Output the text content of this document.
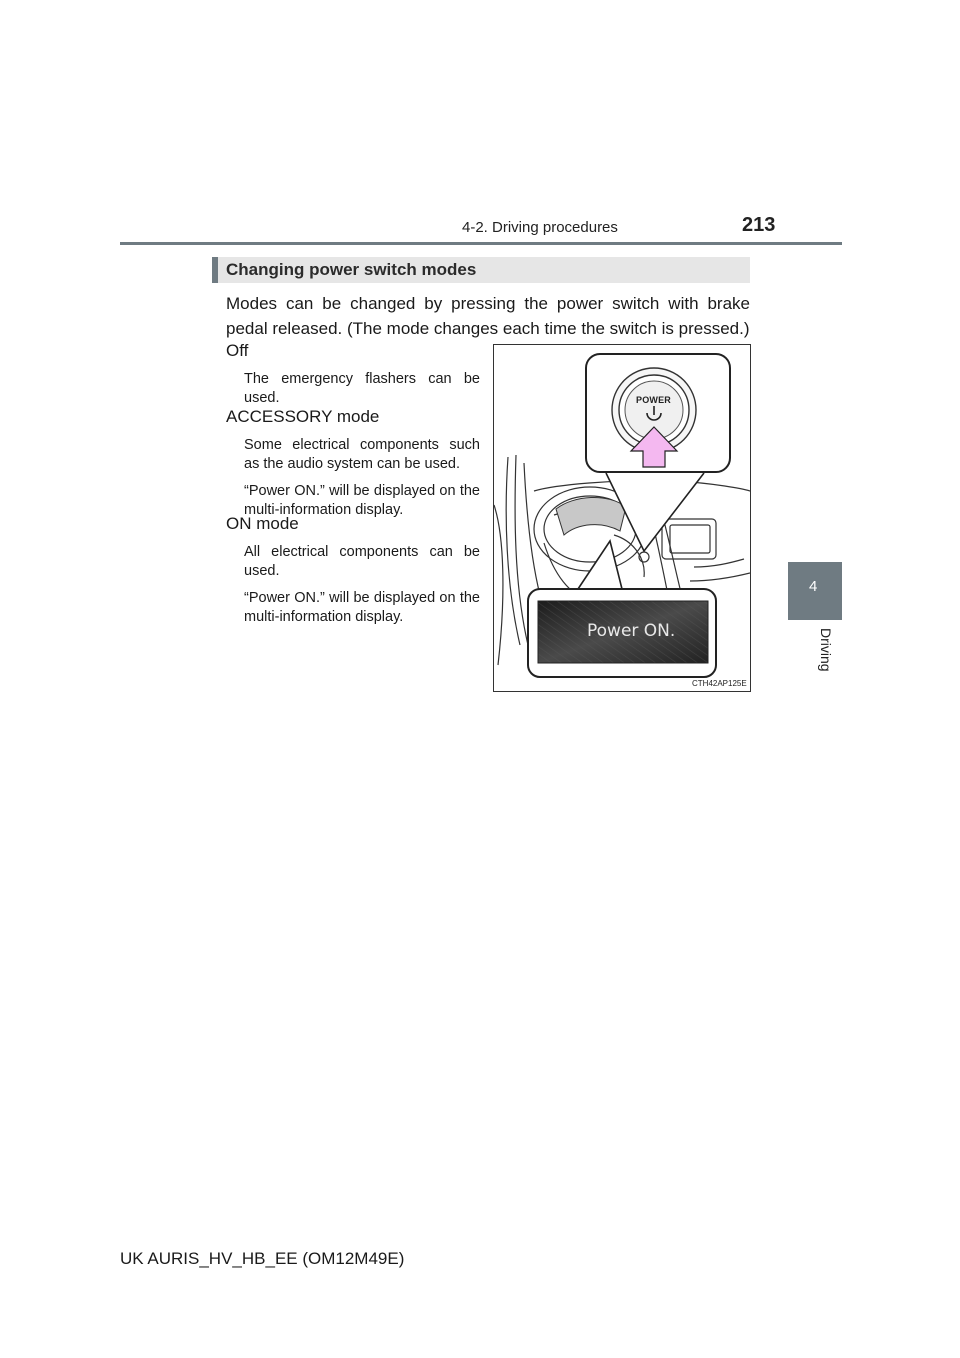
4-2. Driving procedures	213
4
Driving
Changing power switch modes
Modes can be changed by pressing the power switch with brake pedal released. (The mode changes each time the switch is pressed.)
Off
The emergency flashers can be used.
ACCESSORY mode
Some electrical components such as the audio system can be used.
“Power ON.” will be displayed on the multi-information display.
ON mode
All electrical components can be used.
“Power ON.” will be displayed on the multi-information display.
POWER
Power ON.
CTH42AP125E
UK AURIS_HV_HB_EE (OM12M49E)
